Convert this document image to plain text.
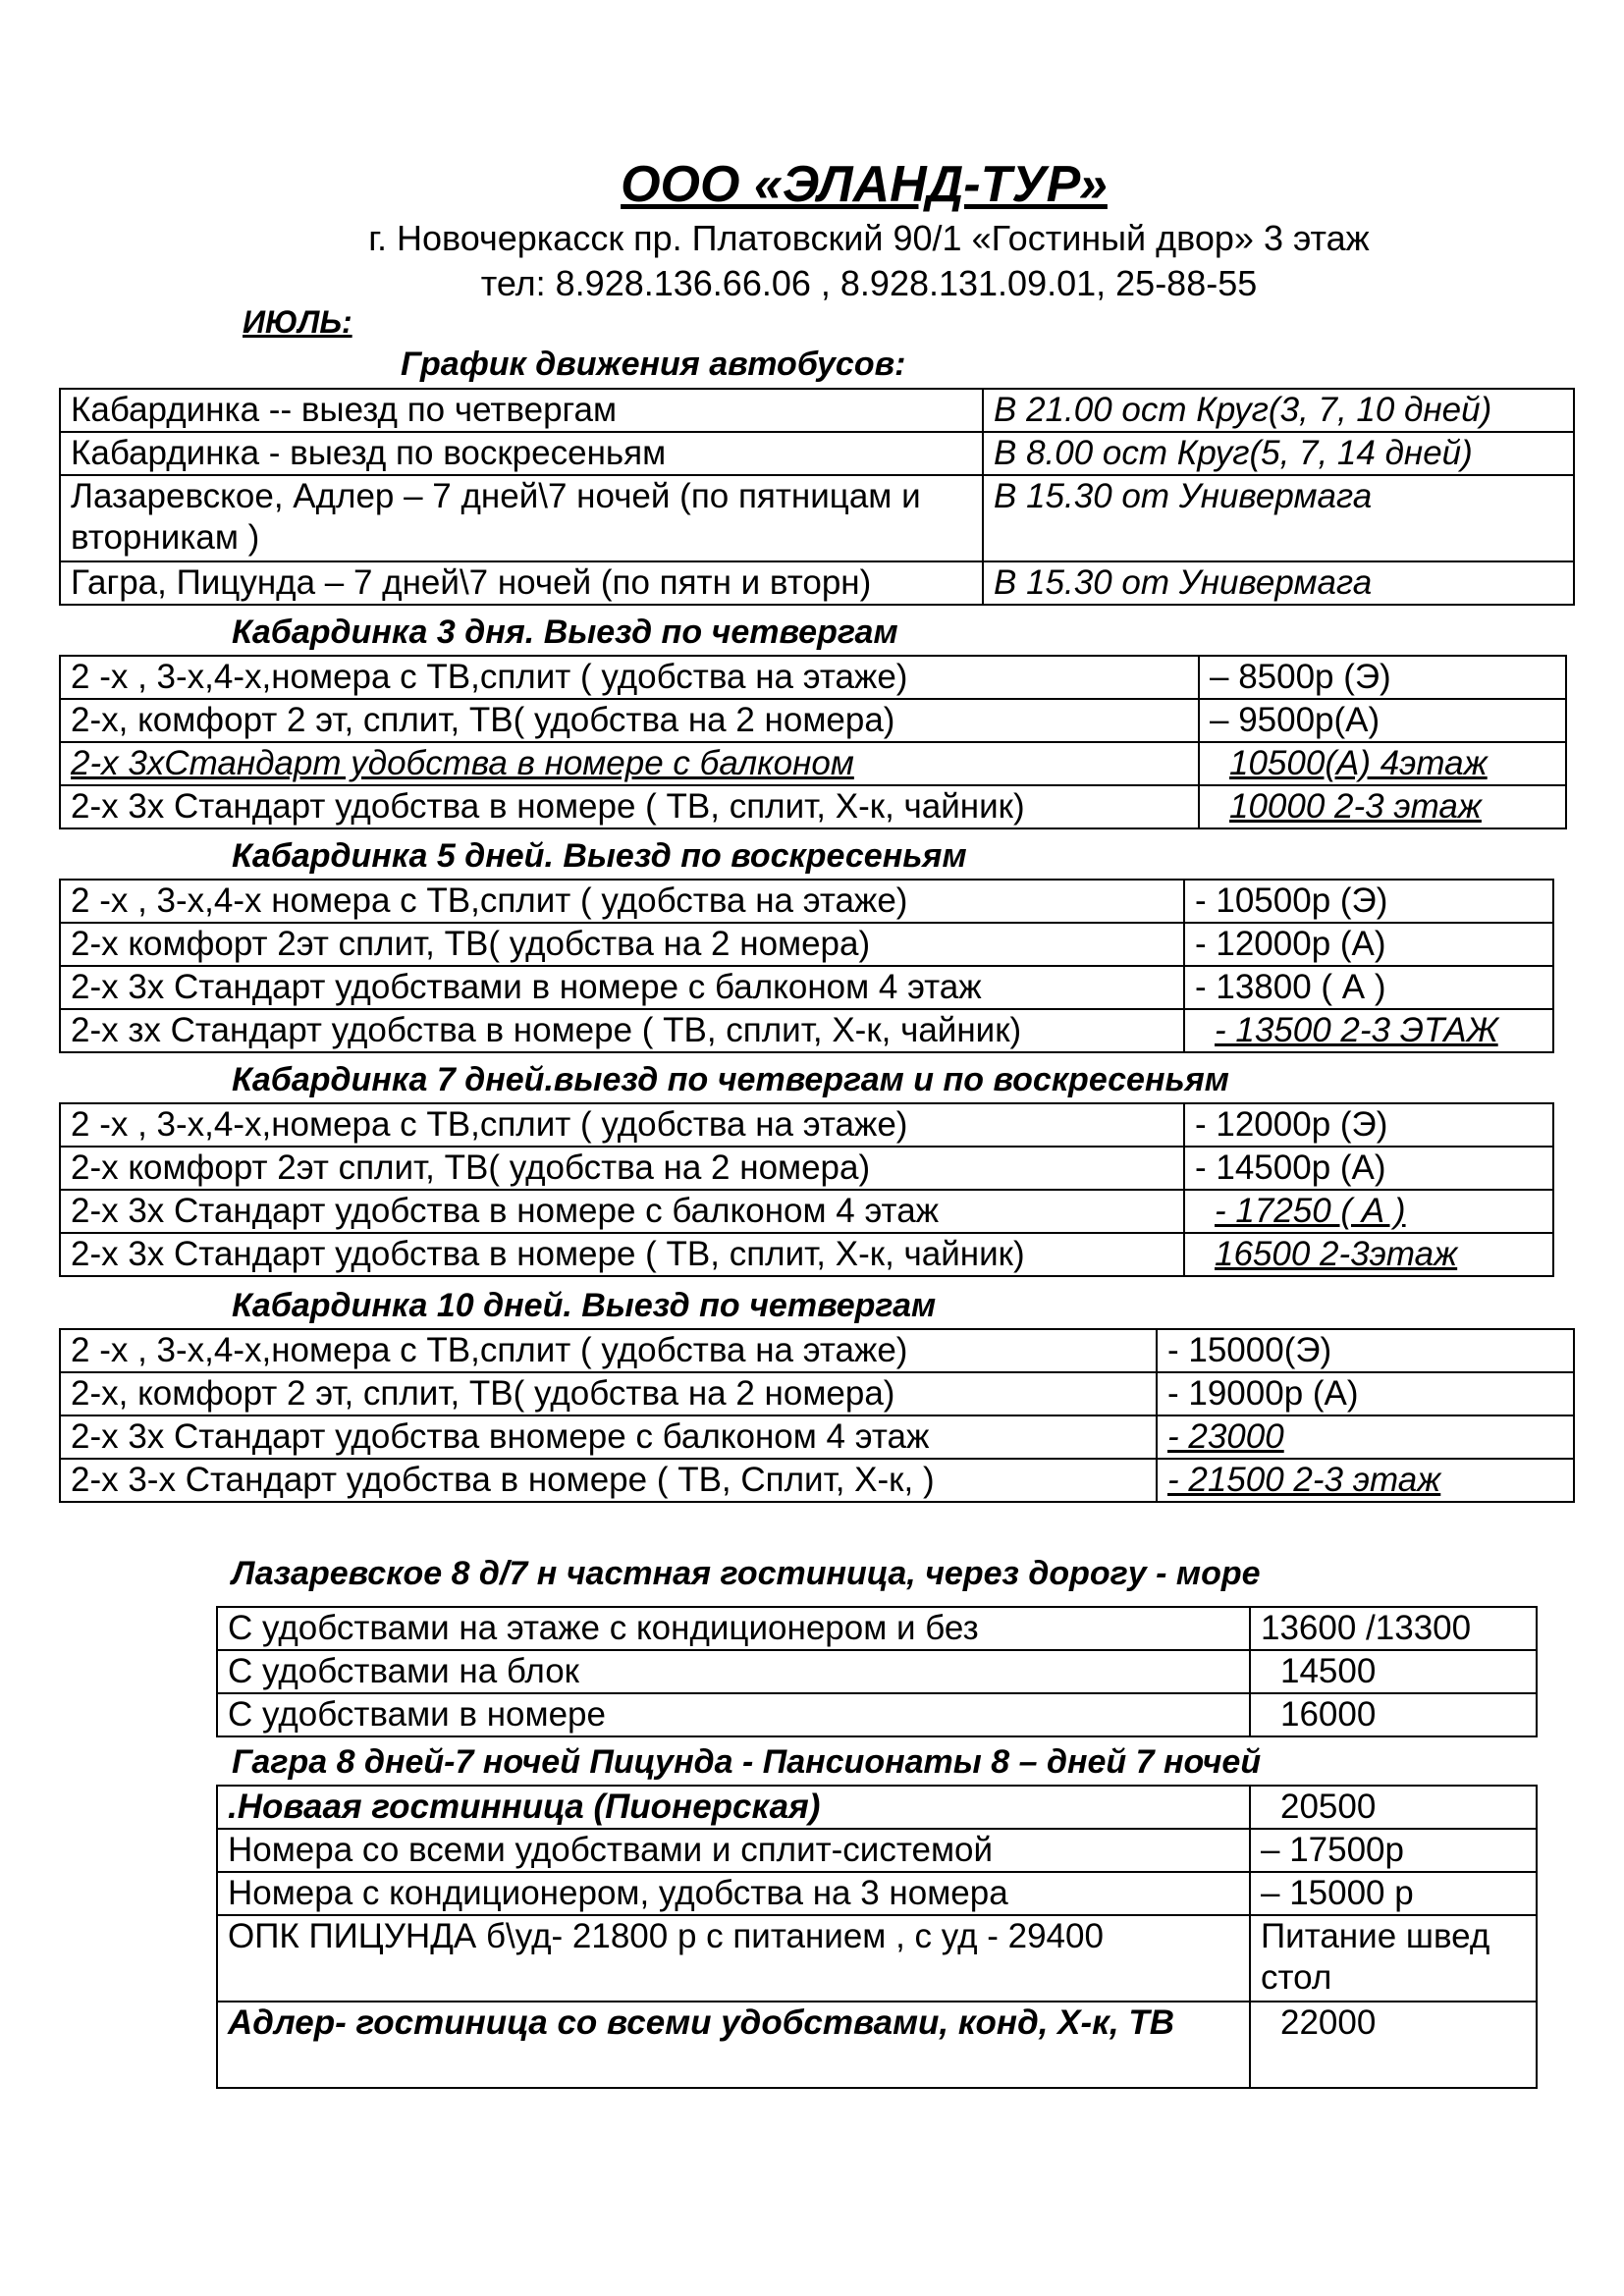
ООО «ЭЛАНД-ТУР»
г. Новочеркасск пр. Платовский 90/1 «Гостиный двор» 3 этаж
тел: 8.928.136.66.06 , 8.928.131.09.01, 25-88-55
ИЮЛЬ:
График движения автобусов:
Кабардинка -- выезд по четвергам	В 21.00 ост Круг(3, 7, 10 дней)
Кабардинка - выезд по воскресеньям	В 8.00 ост Круг(5, 7, 14 дней)
Лазаревское, Адлер – 7 дней\7 ночей (по пятницам и вторникам )	В 15.30 от Универмага
Гагра, Пицунда – 7 дней\7 ночей (по пятн и вторн)	В 15.30 от Универмага
Кабардинка 3 дня. Выезд по четвергам
2 -х , 3-х,4-х,номера с ТВ,сплит ( удобства на этаже)	– 8500р (Э)
2-х, комфорт 2 эт, сплит, ТВ( удобства на 2 номера)	– 9500р(А)
2-х 3хСтандарт удобства в номере с балконом	10500(А) 4этаж
2-х 3х Стандарт удобства в номере ( ТВ, сплит, Х-к, чайник)	10000 2-3 этаж
Кабардинка 5 дней. Выезд по воскресеньям
2 -х , 3-х,4-х номера с ТВ,сплит ( удобства на этаже)	- 10500р (Э)
2-х комфорт 2эт сплит, ТВ( удобства на 2 номера)	- 12000р (А)
2-х 3х Стандарт удобствами в номере с балконом 4 этаж	- 13800 ( А )
2-х зх Стандарт удобства в номере ( ТВ, сплит, Х-к, чайник)	- 13500 2-3 ЭТАЖ
Кабардинка 7 дней.выезд по четвергам и по воскресеньям
2 -х , 3-х,4-х,номера с ТВ,сплит ( удобства на этаже)	- 12000р (Э)
2-х комфорт 2эт сплит, ТВ( удобства на 2 номера)	- 14500р (А)
2-х 3х Стандарт удобства в номере с балконом 4 этаж	- 17250 ( А )
2-х 3х Стандарт удобства в номере ( ТВ, сплит, Х-к, чайник)	16500 2-3этаж
Кабардинка 10 дней. Выезд по четвергам
2 -х , 3-х,4-х,номера с ТВ,сплит ( удобства на этаже)	- 15000(Э)
2-х, комфорт 2 эт, сплит, ТВ( удобства на 2 номера)	- 19000р (А)
2-х 3х Стандарт удобства вномере с балконом 4 этаж	- 23000
2-х 3-х Стандарт удобства в номере ( ТВ, Сплит, Х-к, )	- 21500 2-3 этаж
Лазаревское 8 д/7 н частная гостиница, через дорогу - море
С удобствами на этаже с кондиционером и без	13600 /13300
С удобствами на блок	14500
С удобствами в номере	16000
Гагра 8 дней-7 ночей Пицунда - Пансионаты 8 – дней 7 ночей
.Новаая гостинница (Пионерская)	20500
Номера со всеми удобствами и сплит-системой	– 17500р
Номера с кондиционером, удобства на 3 номера	– 15000 р
ОПК ПИЦУНДА б\уд- 21800 р с питанием , с уд - 29400	Питание швед стол
Адлер- гостиница со всеми удобствами, конд, Х-к, ТВ	22000
